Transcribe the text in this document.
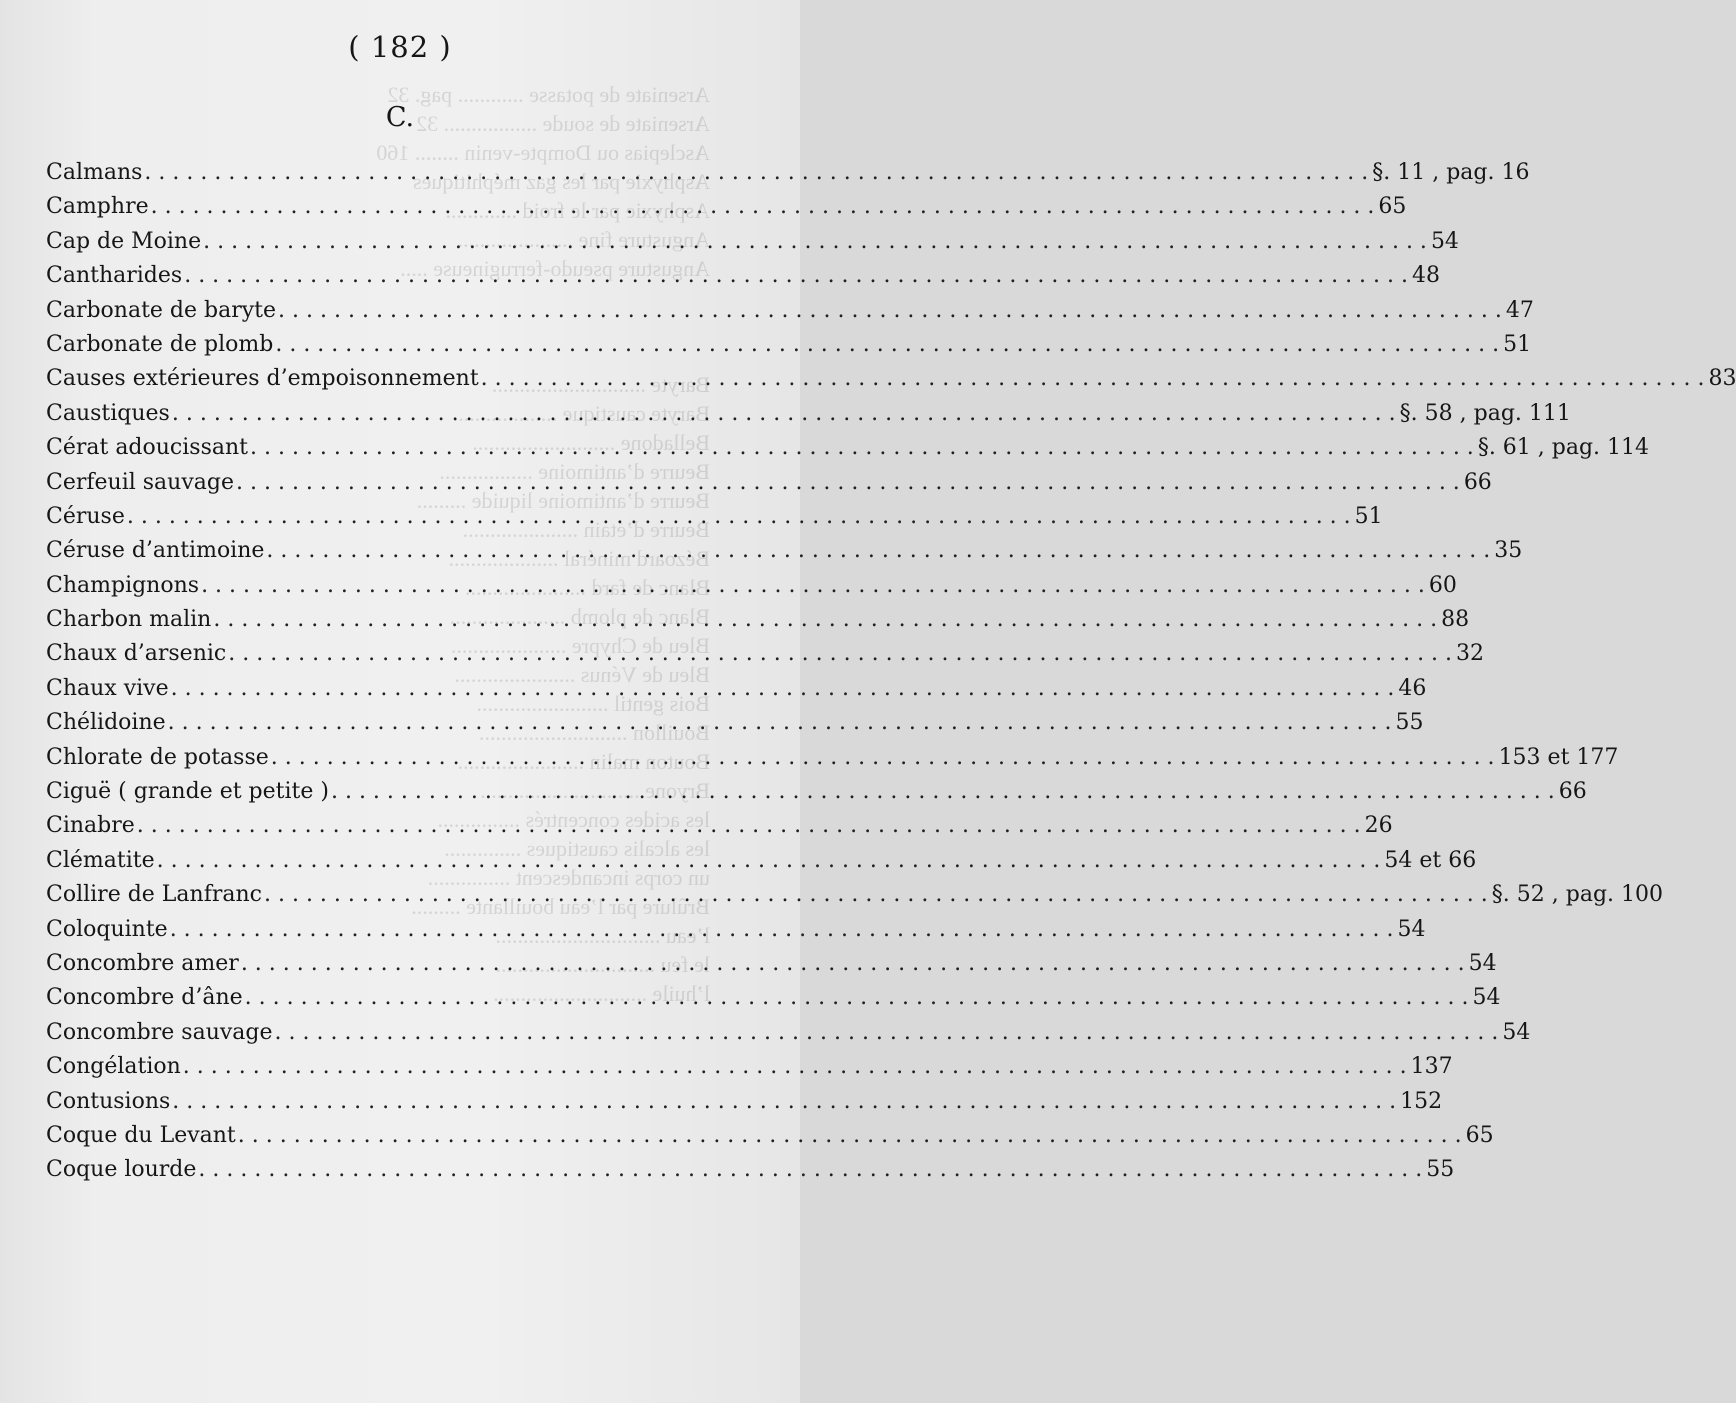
Arseniate de potasse ............ pag. 32
Arseniate de soude ................. 32
Asclepias ou Dompte-venin ........ 160
Asphyxie par les gaz méphitiques
Asphyxie par le froid .............
Angusture fine .....................
Angusture pseudo-ferrugineuse .....

Baryte ............................
Baryte caustique ...................
Belladone ..........................
Beurre d’antimoine .................
Beurre d’antimoine liquide .........
Beurre d’étain .....................
Bézoard minéral ....................
Blanc de fard ......................
Blanc de plomb .....................
Bleu de Chypre .....................
Bleu de Vénus ......................
Bois gentil ........................
Bouillon ...........................
Bouton malin .......................
Bryone .............................
les acides concentrés ...............
les alcalis caustiques ..............
un corps incandescent ...............
Brûlure par l’eau bouillante .........
l’eau ..............................
le feu .............................
l’huile ............................
( 182 )
C.
Calmans . . .	§. 11 , pag. 16
Camphre . . .	65
Cap de Moine . . .	54
Cantharides . . .	48
Carbonate de baryte . . .	47
Carbonate de plomb . . .	51
Causes extérieures d’empoisonnement . . .	83
Caustiques . . .	§. 58 , pag. 111
Cérat adoucissant . . .	§. 61 , pag. 114
Cerfeuil sauvage . . .	66
Céruse . . .	51
Céruse d’antimoine . . .	35
Champignons . . .	60
Charbon malin . . .	88
Chaux d’arsenic . . .	32
Chaux vive . . .	46
Chélidoine . . .	55
Chlorate de potasse . . .	153 et 177
Ciguë ( grande et petite ) . . .	66
Cinabre . . .	26
Clématite . . .	54 et 66
Collire de Lanfranc . . .	§. 52 , pag. 100
Coloquinte . . .	54
Concombre amer . . .	54
Concombre d’âne . . .	54
Concombre sauvage . . .	54
Congélation . . .	137
Contusions . . .	152
Coque du Levant . . .	65
Coque lourde . . .	55
